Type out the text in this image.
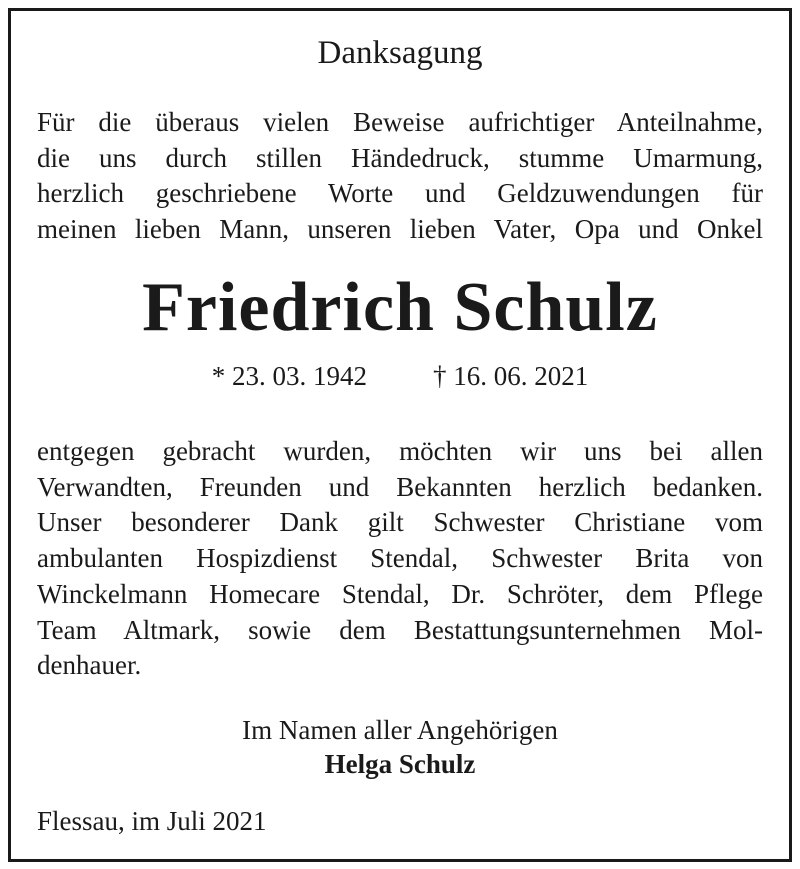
Danksagung

Für die überaus vielen Beweise aufrichtiger Anteilnahme,
die uns durch stillen Händedruck, stumme Umarmung,
herzlich geschriebene Worte und Geldzuwendungen für
meinen lieben Mann, unseren lieben Vater, Opa und Onkel

Friedrich Schulz
* 23. 03. 1942 † 16. 06. 2021

entgegen gebracht wurden, möchten wir uns bei allen
Verwandten, Freunden und Bekannten herzlich bedanken.
Unser besonderer Dank gilt Schwester Christiane vom
ambulanten Hospizdienst Stendal, Schwester Brita von
Winckelmann Homecare Stendal, Dr. Schröter, dem Pflege
Team Altmark, sowie dem Bestattungsunternehmen Mol-
denhauer.

Im Namen aller Angehörigen
Helga Schulz
Flessau, im Juli 2021
